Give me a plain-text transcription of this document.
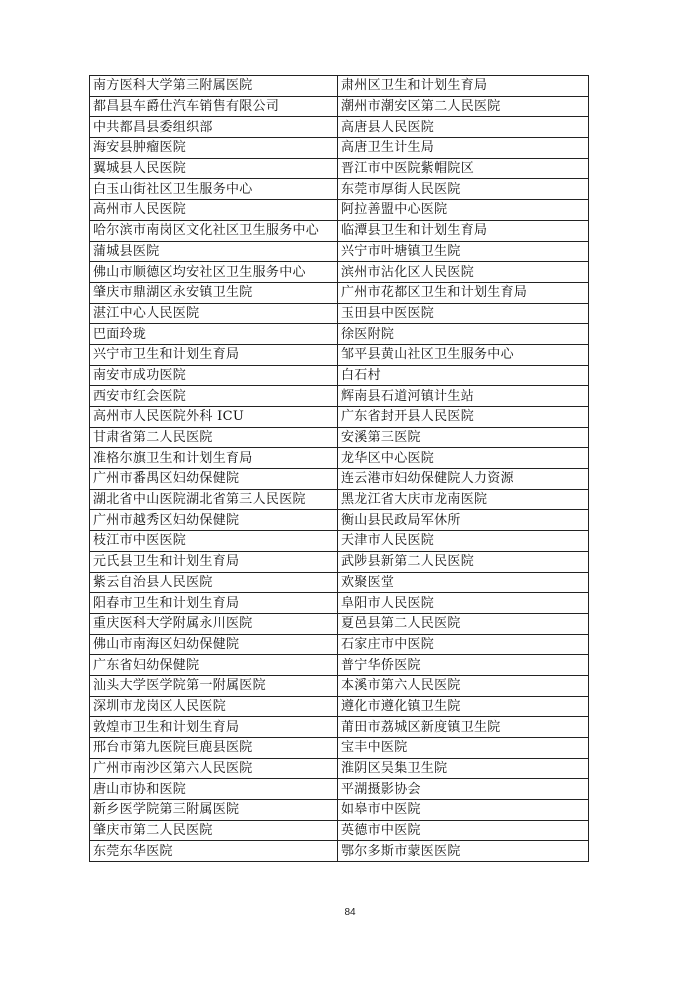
南方医科大学第三附属医院	肃州区卫生和计划生育局
都昌县车爵仕汽车销售有限公司	潮州市潮安区第二人民医院
中共都昌县委组织部	高唐县人民医院
海安县肿瘤医院	高唐卫生计生局
翼城县人民医院	晋江市中医院紫帽院区
白玉山街社区卫生服务中心	东莞市厚街人民医院
高州市人民医院	阿拉善盟中心医院
哈尔滨市南岗区文化社区卫生服务中心	临潭县卫生和计划生育局
蒲城县医院	兴宁市叶塘镇卫生院
佛山市顺德区均安社区卫生服务中心	滨州市沾化区人民医院
肇庆市鼎湖区永安镇卫生院	广州市花都区卫生和计划生育局
湛江中心人民医院	玉田县中医医院
巴面玲珑	徐医附院
兴宁市卫生和计划生育局	邹平县黄山社区卫生服务中心
南安市成功医院	白石村
西安市红会医院	辉南县石道河镇计生站
高州市人民医院外科 ICU	广东省封开县人民医院
甘肃省第二人民医院	安溪第三医院
准格尔旗卫生和计划生育局	龙华区中心医院
广州市番禺区妇幼保健院	连云港市妇幼保健院人力资源
湖北省中山医院湖北省第三人民医院	黑龙江省大庆市龙南医院
广州市越秀区妇幼保健院	衡山县民政局军休所
枝江市中医医院	天津市人民医院
元氏县卫生和计划生育局	武陟县新第二人民医院
紫云自治县人民医院	欢聚医堂
阳春市卫生和计划生育局	阜阳市人民医院
重庆医科大学附属永川医院	夏邑县第二人民医院
佛山市南海区妇幼保健院	石家庄市中医院
广东省妇幼保健院	普宁华侨医院
汕头大学医学院第一附属医院	本溪市第六人民医院
深圳市龙岗区人民医院	遵化市遵化镇卫生院
敦煌市卫生和计划生育局	莆田市荔城区新度镇卫生院
邢台市第九医院巨鹿县医院	宝丰中医院
广州市南沙区第六人民医院	淮阴区吴集卫生院
唐山市协和医院	平湖摄影协会
新乡医学院第三附属医院	如皋市中医院
肇庆市第二人民医院	英德市中医院
东莞东华医院	鄂尔多斯市蒙医医院
84
